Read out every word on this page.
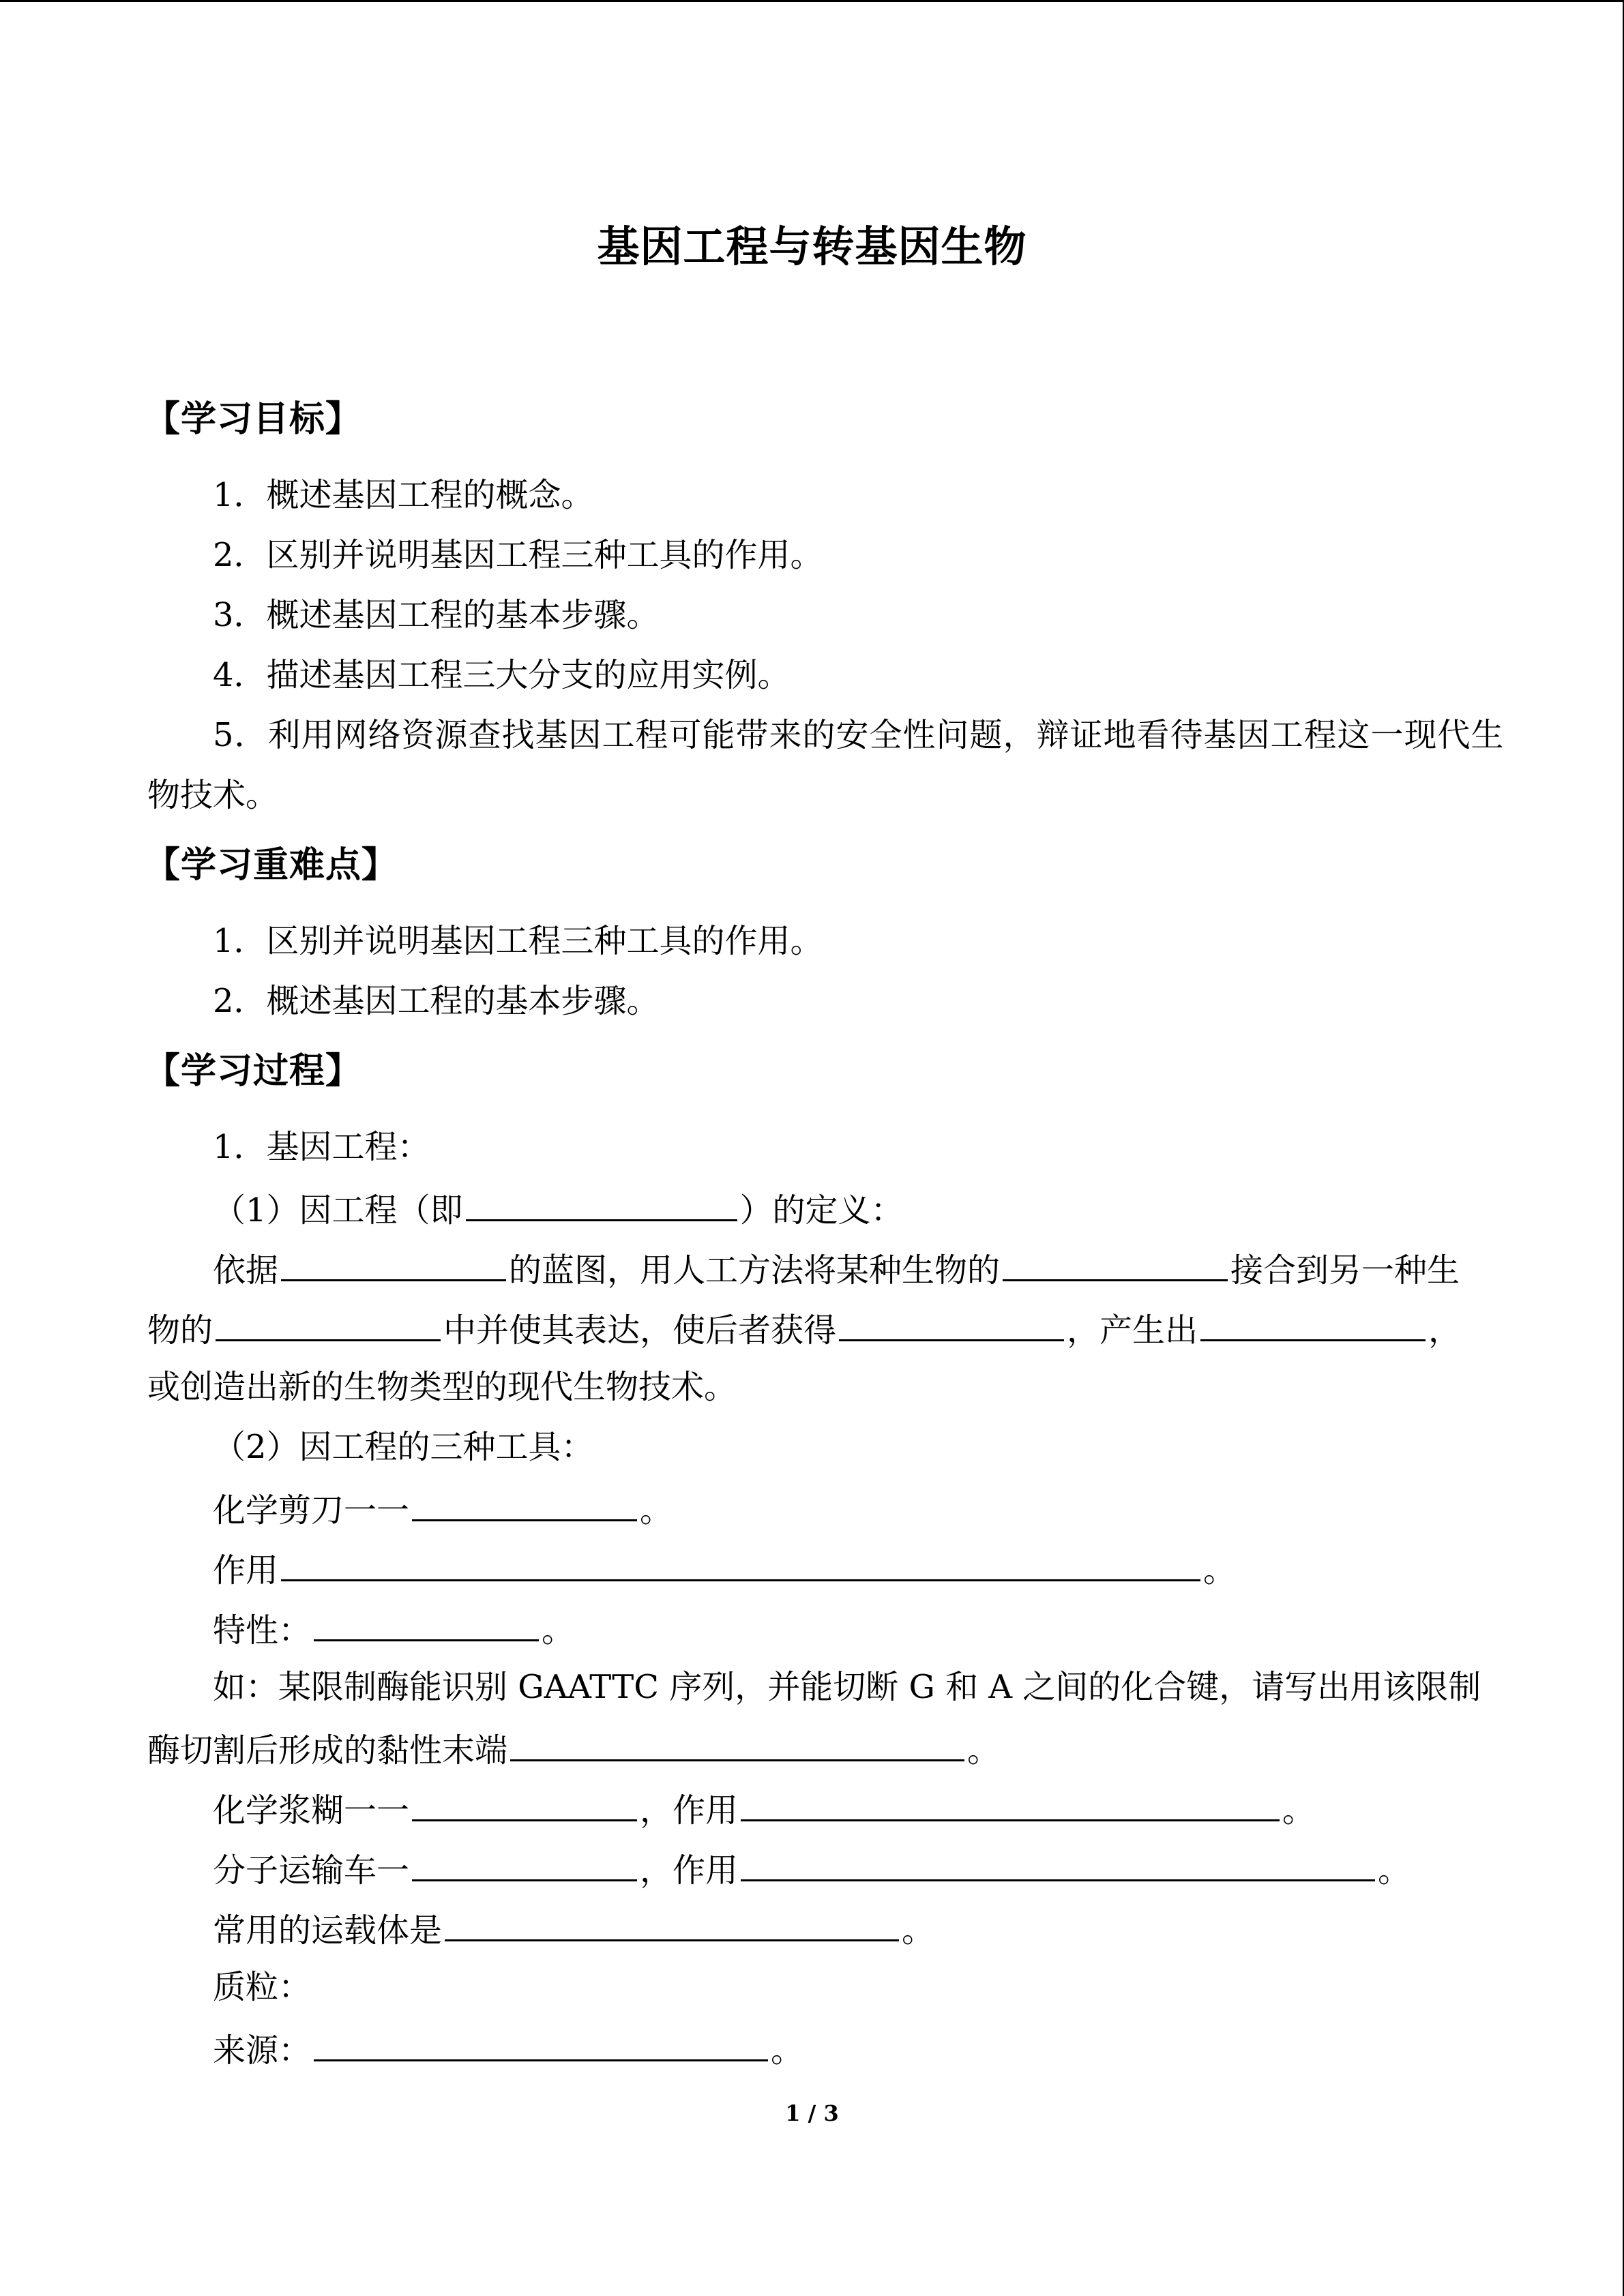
基因工程与转基因生物
【学习目标】
1．概述基因工程的概念。
2．区别并说明基因工程三种工具的作用。
3．概述基因工程的基本步骤。
4．描述基因工程三大分支的应用实例。
5．利用网络资源查找基因工程可能带来的安全性问题，辩证地看待基因工程这一现代生
物技术。
【学习重难点】
1．区别并说明基因工程三种工具的作用。
2．概述基因工程的基本步骤。
【学习过程】
1．基因工程：
（1）因工程（即	）的定义：
依据	的蓝图，用人工方法将某种生物的	接合到另一种生
物的	中并使其表达，使后者获得	，产生出	，
或创造出新的生物类型的现代生物技术。
（2）因工程的三种工具：
化学剪刀一一	。
作用	。
特性：	。
如：某限制酶能识别 GAATTC 序列，并能切断 G 和 A 之间的化合键，请写出用该限制
酶切割后形成的黏性末端	。
化学浆糊一一	，作用	。
分子运输车一	，作用	。
常用的运载体是	。
质粒：
来源：	。
1 / 3
